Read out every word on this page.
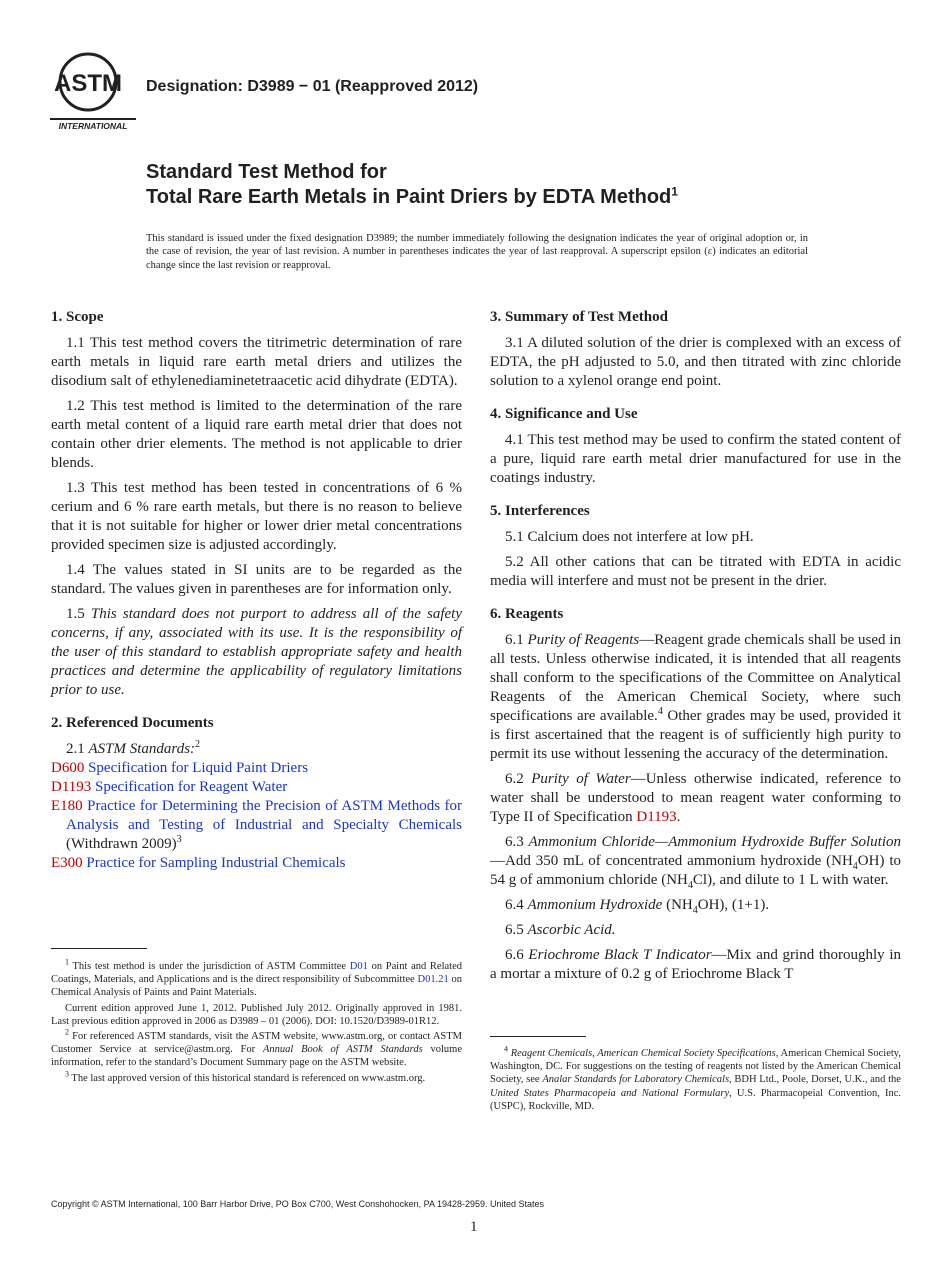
ASTM
INTERNATIONAL
Designation: D3989 − 01 (Reapproved 2012)
Standard Test Method for
Total Rare Earth Metals in Paint Driers by EDTA Method$^1$
This standard is issued under the fixed designation D3989; the number immediately following the designation indicates the year of original adoption or, in the case of revision, the year of last revision. A number in parentheses indicates the year of last reapproval. A superscript epsilon (ε) indicates an editorial change since the last revision or reapproval.
1. Scope

1.1 This test method covers the titrimetric determination of rare earth metals in liquid rare earth metal driers and utilizes the disodium salt of ethylenediaminetetraacetic acid dihydrate (EDTA).

1.2 This test method is limited to the determination of the rare earth metal content of a liquid rare earth metal drier that does not contain other drier elements. The method is not applicable to drier blends.

1.3 This test method has been tested in concentrations of 6 % cerium and 6 % rare earth metals, but there is no reason to believe that it is not suitable for higher or lower drier metal concentrations provided specimen size is adjusted accordingly.

1.4 The values stated in SI units are to be regarded as the standard. The values given in parentheses are for information only.

1.5 This standard does not purport to address all of the safety concerns, if any, associated with its use. It is the responsibility of the user of this standard to establish appropriate safety and health practices and determine the applicability of regulatory limitations prior to use.

2. Referenced Documents

2.1 ASTM Standards:$^2$

D600 Specification for Liquid Paint Driers
D1193 Specification for Reagent Water
E180 Practice for Determining the Precision of ASTM Methods for Analysis and Testing of Industrial and Specialty Chemicals (Withdrawn 2009)$^3$
E300 Practice for Sampling Industrial Chemicals
3. Summary of Test Method

3.1 A diluted solution of the drier is complexed with an excess of EDTA, the pH adjusted to 5.0, and then titrated with zinc chloride solution to a xylenol orange end point.

4. Significance and Use

4.1 This test method may be used to confirm the stated content of a pure, liquid rare earth metal drier manufactured for use in the coatings industry.

5. Interferences

5.1 Calcium does not interfere at low pH.

5.2 All other cations that can be titrated with EDTA in acidic media will interfere and must not be present in the drier.

6. Reagents

6.1 Purity of Reagents—Reagent grade chemicals shall be used in all tests. Unless otherwise indicated, it is intended that all reagents shall conform to the specifications of the Committee on Analytical Reagents of the American Chemical Society, where such specifications are available.$^4$ Other grades may be used, provided it is first ascertained that the reagent is of sufficiently high purity to permit its use without lessening the accuracy of the determination.

6.2 Purity of Water—Unless otherwise indicated, reference to water shall be understood to mean reagent water conforming to Type II of Specification D1193.

6.3 Ammonium Chloride—Ammonium Hydroxide Buffer Solution—Add 350 mL of concentrated ammonium hydroxide $(NH_4OH)$ to 54 g of ammonium chloride $(NH_4Cl)$, and dilute to 1 L with water.

6.4 Ammonium Hydroxide $(NH_4OH)$, (1+1).

6.5 Ascorbic Acid.

6.6 Eriochrome Black T Indicator—Mix and grind thoroughly in a mortar a mixture of 0.2 g of Eriochrome Black T

$^1$ This test method is under the jurisdiction of ASTM Committee D01 on Paint and Related Coatings, Materials, and Applications and is the direct responsibility of Subcommittee D01.21 on Chemical Analysis of Paints and Paint Materials.

Current edition approved June 1, 2012. Published July 2012. Originally approved in 1981. Last previous edition approved in 2006 as D3989 – 01 (2006). DOI: 10.1520/D3989-01R12.

$^2$ For referenced ASTM standards, visit the ASTM website, www.astm.org, or contact ASTM Customer Service at service@astm.org. For Annual Book of ASTM Standards volume information, refer to the standard’s Document Summary page on the ASTM website.

$^3$ The last approved version of this historical standard is referenced on www.astm.org.

$^4$ Reagent Chemicals, American Chemical Society Specifications, American Chemical Society, Washington, DC. For suggestions on the testing of reagents not listed by the American Chemical Society, see Analar Standards for Laboratory Chemicals, BDH Ltd., Poole, Dorset, U.K., and the United States Pharmacopeia and National Formulary, U.S. Pharmacopeial Convention, Inc. (USPC), Rockville, MD.

Copyright © ASTM International, 100 Barr Harbor Drive, PO Box C700, West Conshohocken, PA 19428-2959. United States
1
